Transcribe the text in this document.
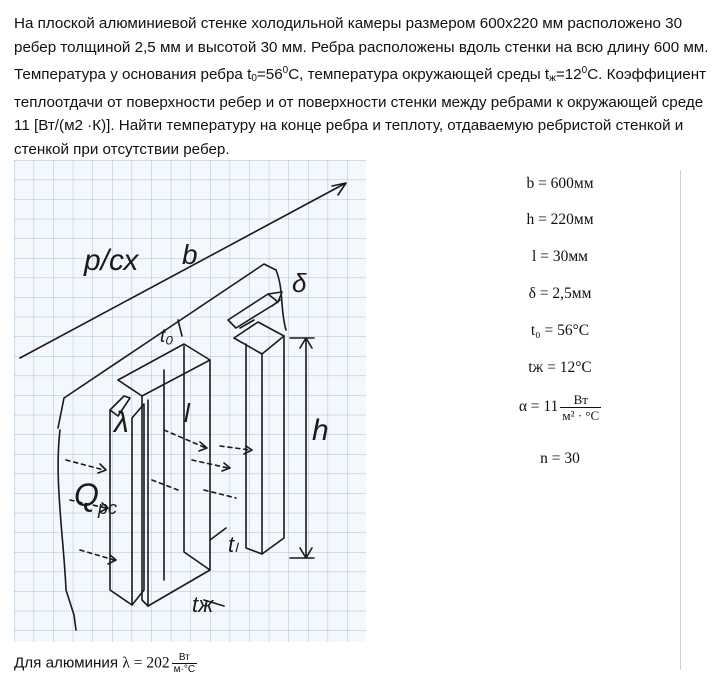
На плоской алюминиевой стенке холодильной камеры размером 600х220 мм расположено 30

ребер толщиной 2,5 мм и высотой 30 мм. Ребра расположены вдоль стенки на всю длину 600 мм.

Температура у основания ребра $t_0=56^0C$, температура окружающей среды $t_ж=12^0C$. Коэффициент

теплоотдачи от поверхности ребер и от поверхности стенки между ребрами к окружающей среде

11 [Вт/(м2 ·К)]. Найти температуру на конце ребра и теплоту, отдаваемую ребристой стенкой и

стенкой при отсутствии ребер.

р/сх b
δ
t₀
λ l
h
Q рс
tₗ
tж
b = 600мм
h = 220мм
l = 30мм
δ = 2,5мм
t₀ = 56°C
tж = 12°C
$\alpha = 11 \frac{Вт}{\text{м² · °C}}$
n = 30
Для алюминия $\lambda = 202 \frac{Вт}{м\cdot^\circ С}$
